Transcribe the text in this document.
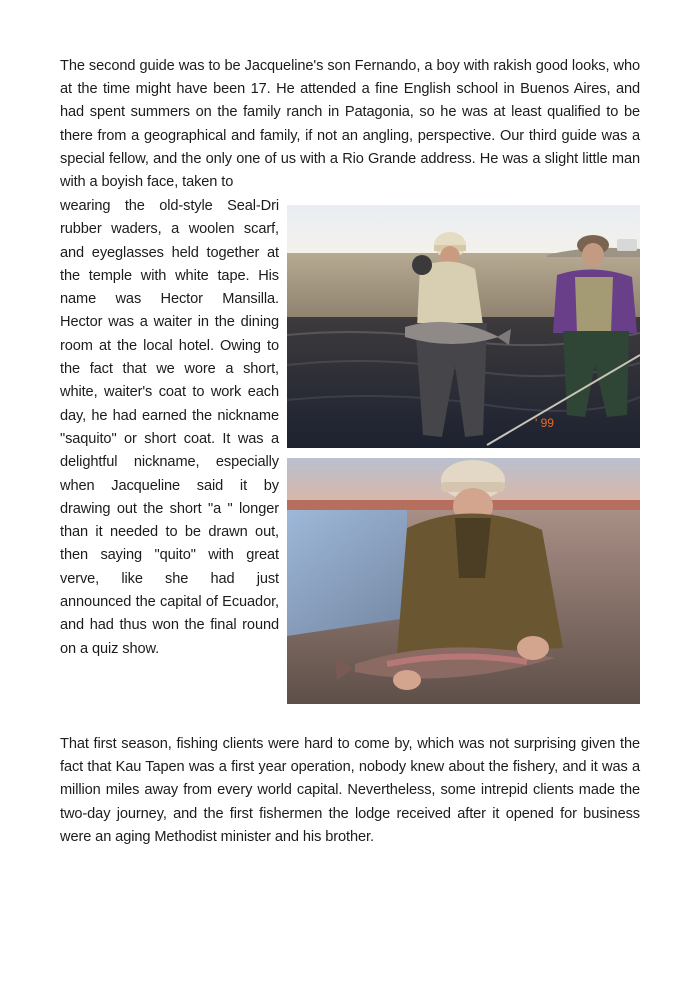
The second guide was to be Jacqueline's son Fernando, a boy with rakish good looks, who at the time might have been 17. He attended a fine English school in Buenos Aires, and had spent summers on the family ranch in Patagonia, so he was at least qualified to be there from a geographical and family, if not an angling, perspective. Our third guide was a special fellow, and the only one of us with a Rio Grande address. He was a slight little man with a boyish face, taken to

wearing the old-style Seal-Dri rubber waders, a woolen scarf, and eyeglasses held together at the temple with white tape. His name was Hector Mansilla. Hector was a waiter in the dining room at the local hotel. Owing to the fact that we wore a short, white, waiter's coat to work each day, he had earned the nickname "saquito" or short coat. It was a delightful nickname, especially when Jacqueline said it by drawing out the short "a " longer than it needed to be drawn out, then saying "quito" with great verve, like she had just announced the capital of Ecuador, and had thus won the final round on a quiz show.

' 99

That first season, fishing clients were hard to come by, which was not surprising given the fact that Kau Tapen was a first year operation, nobody knew about the fishery, and it was a million miles away from every world capital. Nevertheless, some intrepid clients made the two-day journey, and the first fishermen the lodge received after it opened for business were an aging Methodist minister and his brother.
